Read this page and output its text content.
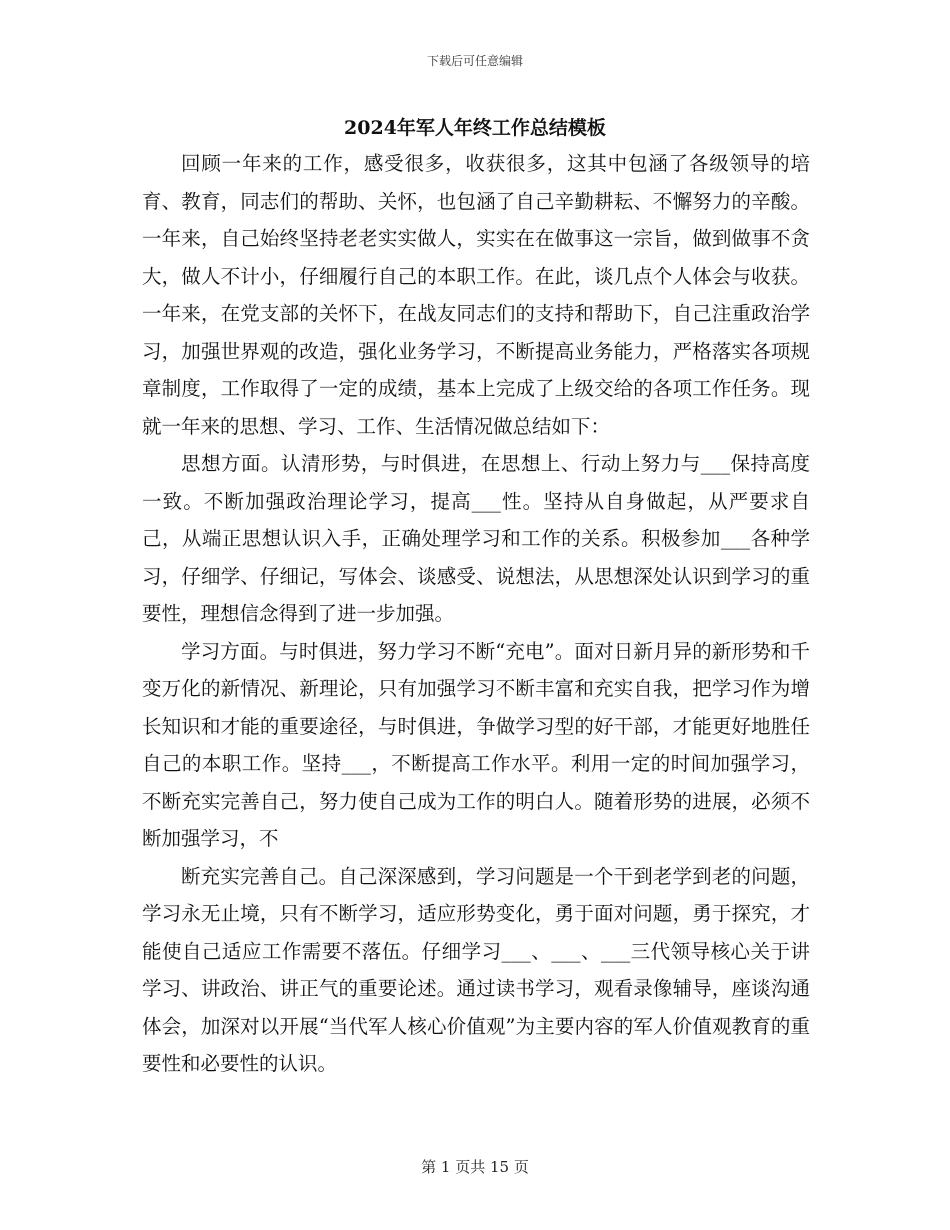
下载后可任意编辑
2024年军人年终工作总结模板

回顾一年来的工作，感受很多，收获很多，这其中包涵了各级领导的培育、教育，同志们的帮助、关怀，也包涵了自己辛勤耕耘、不懈努力的辛酸。一年来，自己始终坚持老老实实做人，实实在在做事这一宗旨，做到做事不贪大，做人不计小，仔细履行自己的本职工作。在此，谈几点个人体会与收获。一年来，在党支部的关怀下，在战友同志们的支持和帮助下，自己注重政治学习，加强世界观的改造，强化业务学习，不断提高业务能力，严格落实各项规章制度，工作取得了一定的成绩，基本上完成了上级交给的各项工作任务。现就一年来的思想、学习、工作、生活情况做总结如下：

思想方面。认清形势，与时俱进，在思想上、行动上努力与___保持高度一致。不断加强政治理论学习，提高___性。坚持从自身做起，从严要求自己，从端正思想认识入手，正确处理学习和工作的关系。积极参加___各种学习，仔细学、仔细记，写体会、谈感受、说想法，从思想深处认识到学习的重要性，理想信念得到了进一步加强。

学习方面。与时俱进，努力学习不断“充电”。面对日新月异的新形势和千变万化的新情况、新理论，只有加强学习不断丰富和充实自我，把学习作为增长知识和才能的重要途径，与时俱进，争做学习型的好干部，才能更好地胜任自己的本职工作。坚持___，不断提高工作水平。利用一定的时间加强学习，不断充实完善自己，努力使自己成为工作的明白人。随着形势的进展，必须不断加强学习，不

断充实完善自己。自己深深感到，学习问题是一个干到老学到老的问题，学习永无止境，只有不断学习，适应形势变化，勇于面对问题，勇于探究，才能使自己适应工作需要不落伍。仔细学习___、___、___三代领导核心关于讲学习、讲政治、讲正气的重要论述。通过读书学习，观看录像辅导，座谈沟通体会，加深对以开展“当代军人核心价值观”为主要内容的军人价值观教育的重要性和必要性的认识。

第 1 页共 15 页
